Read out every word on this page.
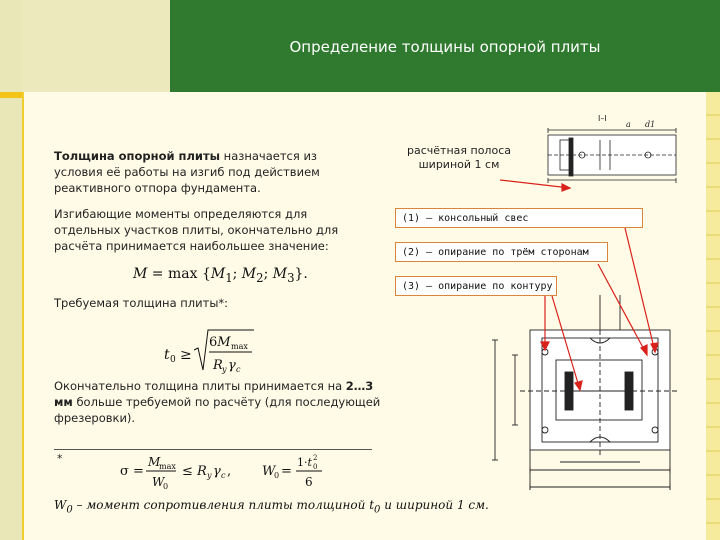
Определение толщины опорной плиты
Толщина опорной плиты назначается из условия её работы на изгиб под действием реактивного отпора фундамента.
Изгибающие моменты определяются для отдельных участков плиты, окончательно для расчёта принимается наибольшее значение:
$M = \max \{M_1$; $M_2$; $M_3$}.
Требуемая толщина плиты*:
Окончательно толщина плиты принимается на 2…3 мм больше требуемой по расчёту (для последующей фрезеровки).
*
$W_0$ – момент сопротивления плиты толщиной $t_0$ и шириной 1 см.
расчётная полоса шириной 1 см
(1) – консольный свес
(2) – опирание по трём сторонам
(3) – опирание по контуру
t 0 ≥
6M max
R y γ c
σ =
M
max
W
0
≤ R y γ c , W
0 =
1·t 0
2
6
I–I
a d1
